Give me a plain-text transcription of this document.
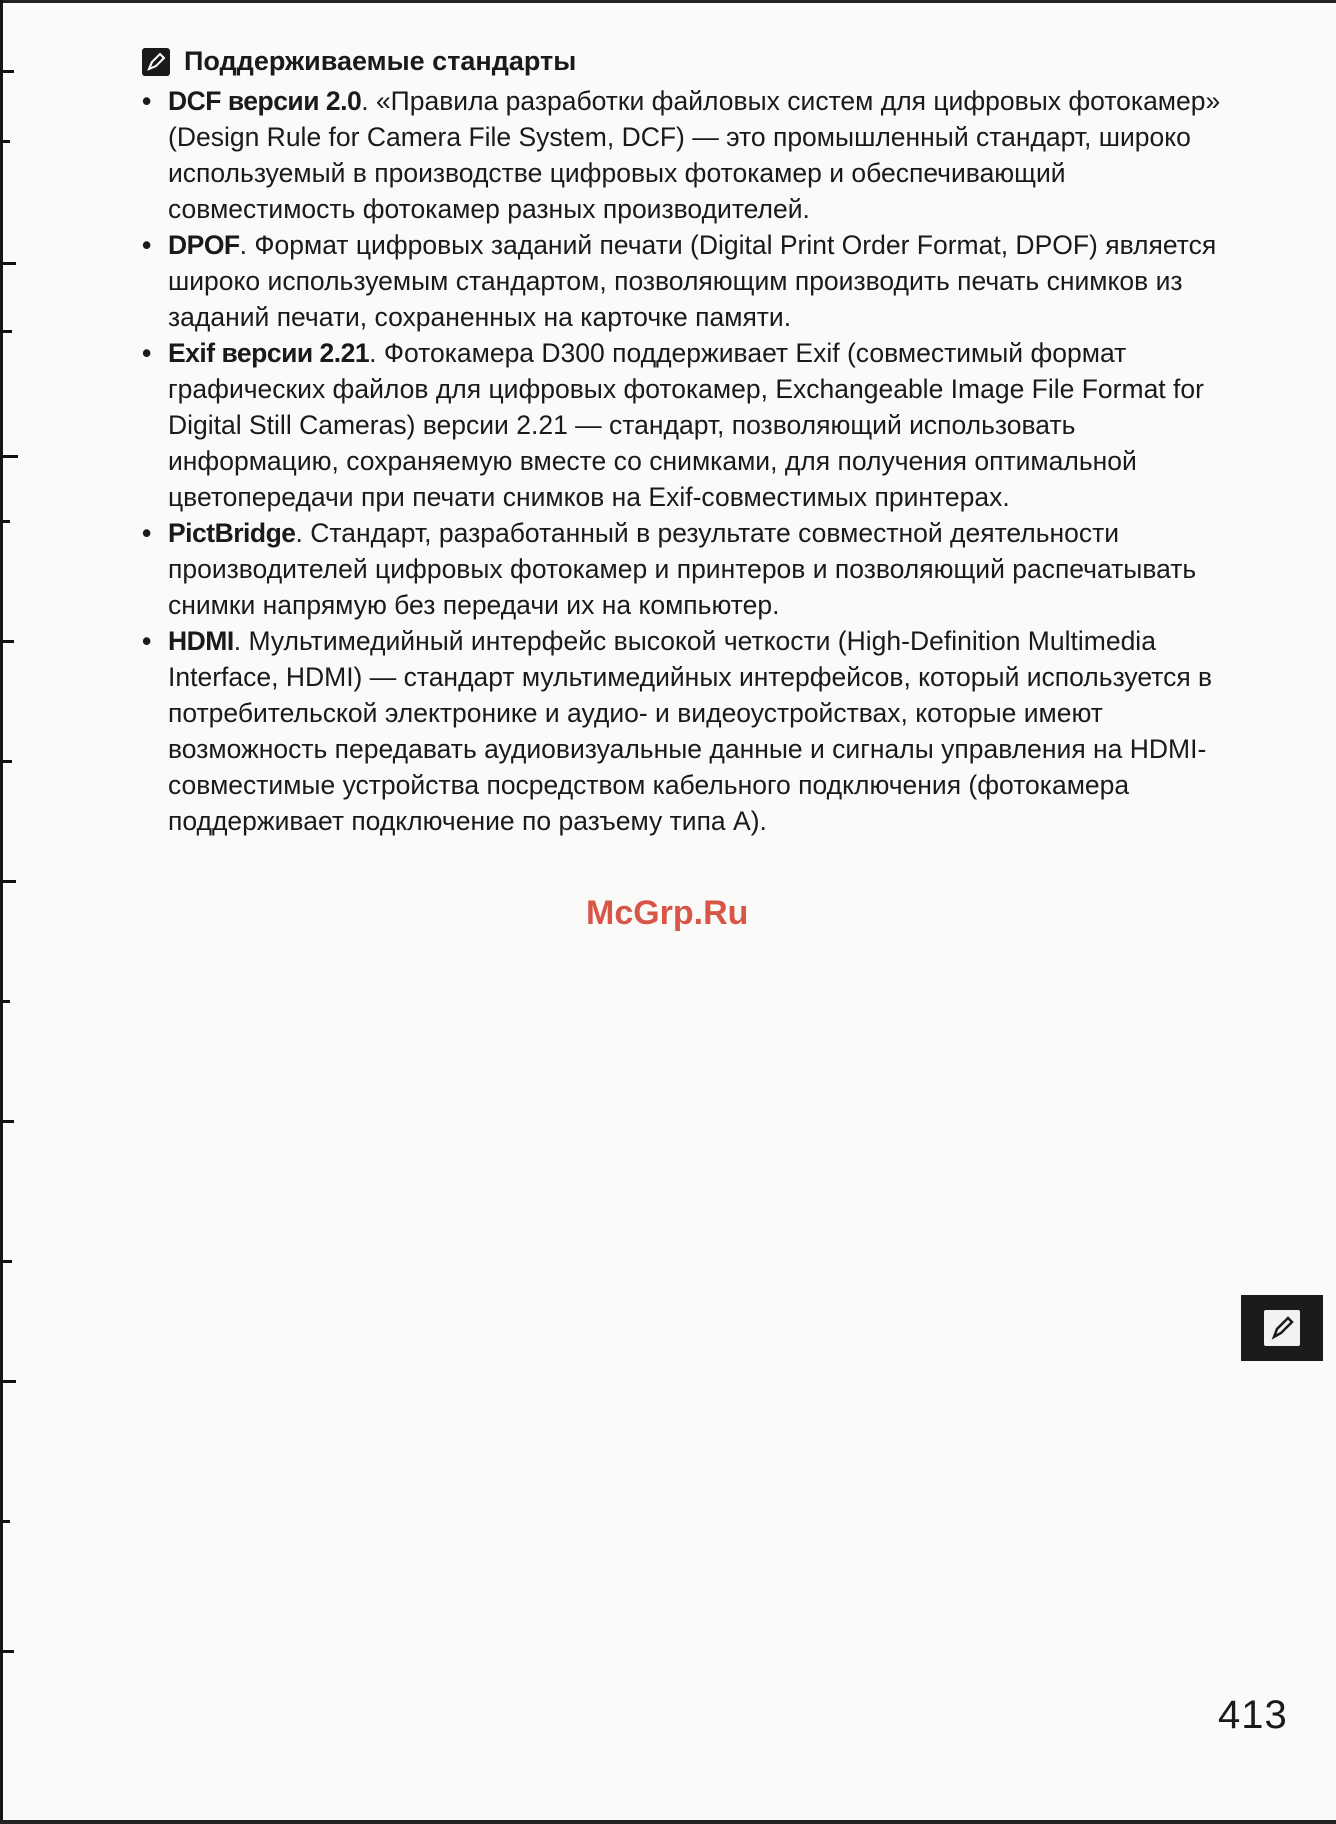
Поддерживаемые стандарты
• DCF версии 2.0. «Правила разработки файловых систем для цифровых фотокамер» (Design Rule for Camera File System, DCF) — это промышленный стандарт, широко используемый в производстве цифровых фотокамер и обеспечивающий совместимость фотокамер разных производителей.
• DPOF. Формат цифровых заданий печати (Digital Print Order Format, DPOF) является широко используемым стандартом, позволяющим производить печать снимков из заданий печати, сохраненных на карточке памяти.
• Exif версии 2.21. Фотокамера D300 поддерживает Exif (совместимый формат графических файлов для цифровых фотокамер, Exchangeable Image File Format for Digital Still Cameras) версии 2.21 — стандарт, позволяющий использовать информацию, сохраняемую вместе со снимками, для получения оптимальной цветопередачи при печати снимков на Exif-совместимых принтерах.
• PictBridge. Стандарт, разработанный в результате совместной деятельности производителей цифровых фотокамер и принтеров и позволяющий распечатывать снимки напрямую без передачи их на компьютер.
• HDMI. Мультимедийный интерфейс высокой четкости (High-Definition Multimedia Interface, HDMI) — стандарт мультимедийных интерфейсов, который используется в потребительской электронике и аудио- и видеоустройствах, которые имеют возможность передавать аудиовизуальные данные и сигналы управления на HDMI-совместимые устройства посредством кабельного подключения (фотокамера поддерживает подключение по разъему типа A).
McGrp.Ru
413
